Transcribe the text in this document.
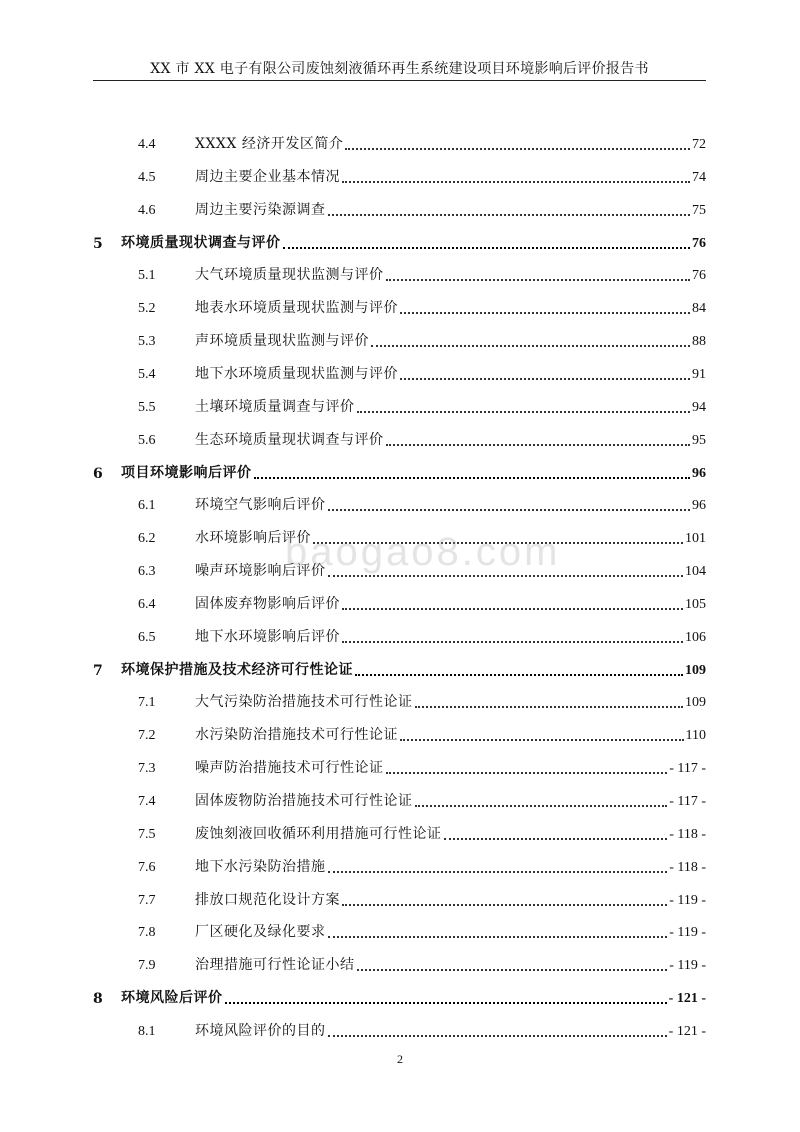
XX 市 XX 电子有限公司废蚀刻液循环再生系统建设项目环境影响后评价报告书
4.4	XXXX 经济开发区简介	72
4.5	周边主要企业基本情况	74
4.6	周边主要污染源调查	75
5 环境质量现状调查与评价	76
5.1	大气环境质量现状监测与评价	76
5.2	地表水环境质量现状监测与评价	84
5.3	声环境质量现状监测与评价	88
5.4	地下水环境质量现状监测与评价	91
5.5	土壤环境质量调查与评价	94
5.6	生态环境质量现状调查与评价	95
6 项目环境影响后评价	96
6.1	环境空气影响后评价	96
6.2	水环境影响后评价	101
6.3	噪声环境影响后评价	104
6.4	固体废弃物影响后评价	105
6.5	地下水环境影响后评价	106
7 环境保护措施及技术经济可行性论证	109
7.1	大气污染防治措施技术可行性论证	109
7.2	水污染防治措施技术可行性论证	110
7.3	噪声防治措施技术可行性论证	- 117 -
7.4	固体废物防治措施技术可行性论证	- 117 -
7.5	废蚀刻液回收循环利用措施可行性论证	- 118 -
7.6	地下水污染防治措施	- 118 -
7.7	排放口规范化设计方案	- 119 -
7.8	厂区硬化及绿化要求	- 119 -
7.9	治理措施可行性论证小结	- 119 -
8 环境风险后评价	- 121 -
8.1	环境风险评价的目的	- 121 -
baogao8.com
2
